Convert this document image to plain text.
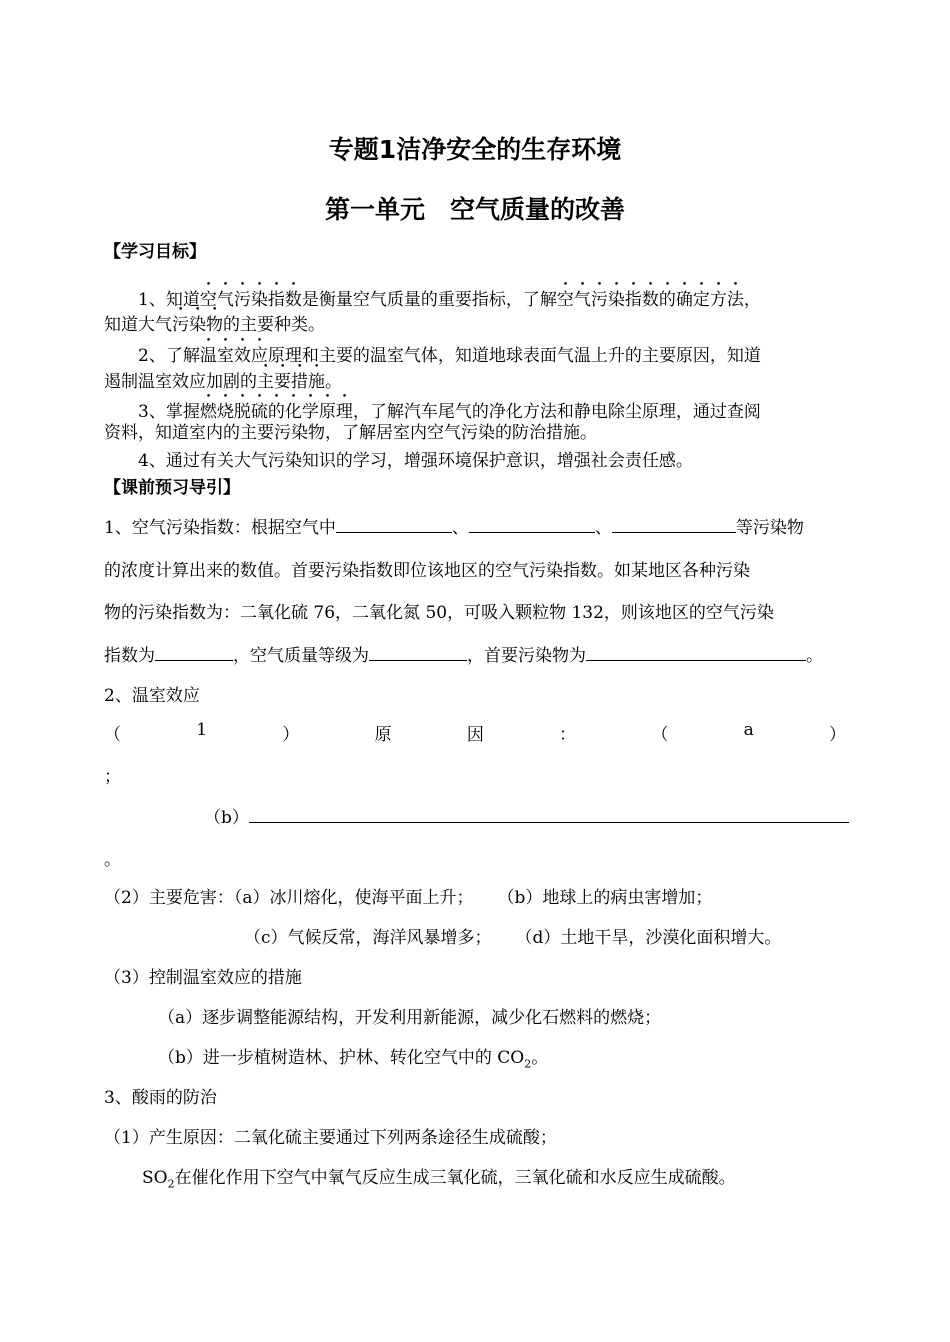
专题1洁净安全的生存环境
第一单元　空气质量的改善
【学习目标】
1、知道空气污染指数是衡量空气质量的重要指标，了解空气污染指数的确定方法，
知道大气污染物的主要种类。
2、了解温室效应原理和主要的温室气体，知道地球表面气温上升的主要原因，知道
遏制温室效应加剧的主要措施。
3、掌握燃烧脱硫的化学原理，了解汽车尾气的净化方法和静电除尘原理，通过查阅
资料，知道室内的主要污染物，了解居室内空气污染的防治措施。
4、通过有关大气污染知识的学习，增强环境保护意识，增强社会责任感。
【课前预习导引】
1、空气污染指数：根据空气中	、	、	等污染物
的浓度计算出来的数值。首要污染指数即位该地区的空气污染指数。如某地区各种污染
物的污染指数为：二氧化硫 76，二氧化氮 50，可吸入颗粒物 132，则该地区的空气污染
指数为	，空气质量等级为	，首要污染物为	。
2、温室效应
（	1	）	原	因	：	（	a	）
；
（b）
。
（2）主要危害：（a）冰川熔化，使海平面上升； （b）地球上的病虫害增加；
（c）气候反常，海洋风暴增多； （d）土地干旱，沙漠化面积增大。
（3）控制温室效应的措施
（a）逐步调整能源结构，开发利用新能源，减少化石燃料的燃烧；
（b）进一步植树造林、护林、转化空气中的 $CO_2$。
3、酸雨的防治
（1）产生原因：二氧化硫主要通过下列两条途径生成硫酸；
$SO_2$在催化作用下空气中氧气反应生成三氧化硫，三氧化硫和水反应生成硫酸。
